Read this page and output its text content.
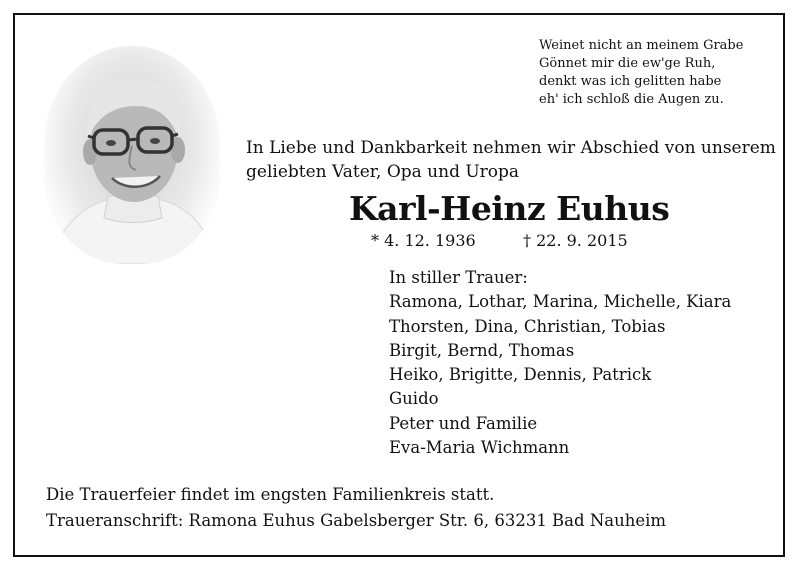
Weinet nicht an meinem Grabe
Gönnet mir die ew'ge Ruh,
denkt was ich gelitten habe
eh' ich schloß die Augen zu.
In Liebe und Dankbarkeit nehmen wir Abschied von unserem
geliebten Vater, Opa und Uropa
Karl-Heinz Euhus
* 4. 12. 1936	† 22. 9. 2015
In stiller Trauer:
Ramona, Lothar, Marina, Michelle, Kiara
Thorsten, Dina, Christian, Tobias
Birgit, Bernd, Thomas
Heiko, Brigitte, Dennis, Patrick
Guido
Peter und Familie
Eva-Maria Wichmann
Die Trauerfeier findet im engsten Familienkreis statt.
Traueranschrift: Ramona Euhus Gabelsberger Str. 6, 63231 Bad Nauheim
